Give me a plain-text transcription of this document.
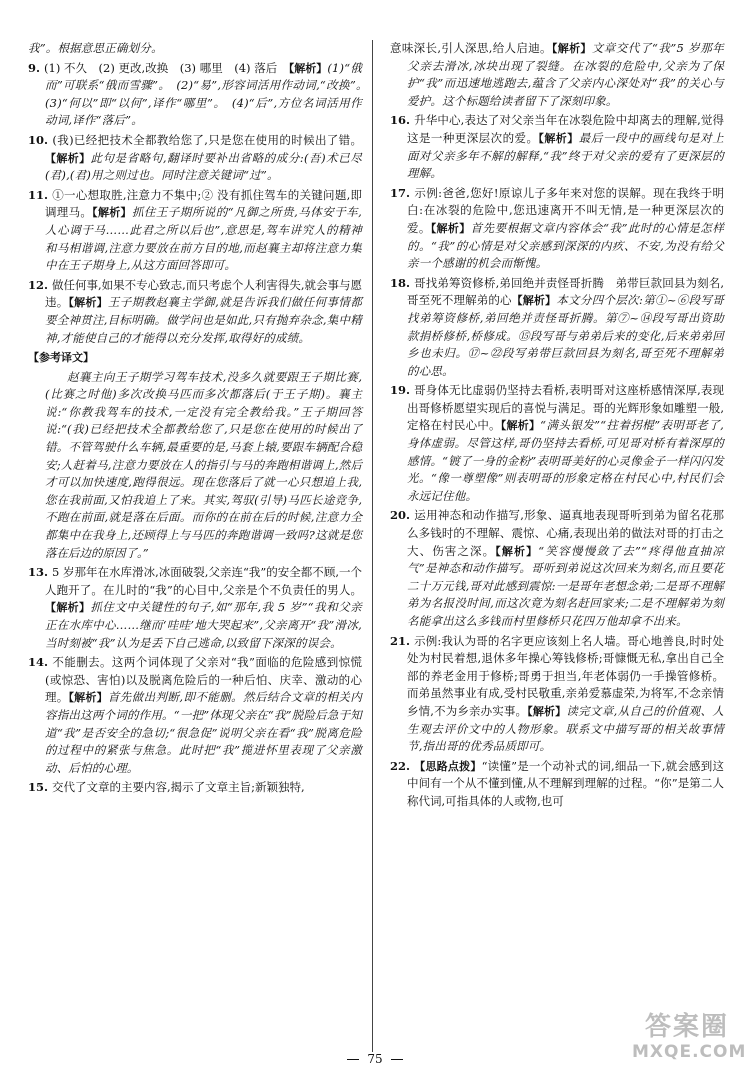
我”。根据意思正确划分。
9. (1) 不久　(2) 更改,改换　(3) 哪里　(4) 落后　【解析】(1)“俄而”可联系“俄而雪骤”。　(2)“易”,形容词活用作动词,“改换”。　(3)“何以”即“以何”,译作“哪里”。　(4)“后”,方位名词活用作动词,译作“落后”。
10. (我)已经把技术全都教给您了,只是您在使用的时候出了错。【解析】此句是省略句,翻译时要补出省略的成分:(吾)术已尽(君),(君)用之则过也。同时注意关键词“过”。
11. ①一心想取胜,注意力不集中;② 没有抓住驾车的关键问题,即调理马。【解析】抓住王子期所说的“凡御之所贵,马体安于车,人心调于马……此君之所以后也”,意思是,驾车讲究人的精神和马相谐调,注意力要放在前方目的地,而赵襄主却将注意力集中在王子期身上,从这方面回答即可。
12. 做任何事,如果不专心致志,而只考虑个人利害得失,就会事与愿违。【解析】王子期教赵襄主学御,就是告诉我们做任何事情都要全神贯注,目标明确。做学问也是如此,只有抛弃杂念,集中精神,才能使自己的才能得以充分发挥,取得好的成绩。
【参考译文】
赵襄主向王子期学习驾车技术,没多久就要跟王子期比赛,(比赛之时他)多次改换马匹而多次都落后(于王子期)。襄主说:“你教我驾车的技术,一定没有完全教给我。”王子期回答说:“(我)已经把技术全都教给您了,只是您在使用的时候出了错。不管驾驶什么车辆,最重要的是,马套上辕,要跟车辆配合稳安;人赶着马,注意力要放在人的指引与马的奔跑相谐调上,然后才可以加快速度,跑得很远。现在您落后了就一心只想追上我,您在我前面,又怕我追上了来。其实,驾驭(引导)马匹长途竞争,不跑在前面,就是落在后面。而你的在前在后的时候,注意力全都集中在我身上,还顾得上与马匹的奔跑谐调一致吗?这就是您落在后边的原因了。”
13. 5 岁那年在水库滑冰,冰面破裂,父亲连“我”的安全都不顾,一个人跑开了。在儿时的“我”的心目中,父亲是个不负责任的男人。【解析】抓住文中关键性的句子,如“那年,我 5 岁”“我和父亲正在水库中心……继而‘哇哇’地大哭起来”,父亲离开“我”滑冰,当时刻被“我”认为是丢下自己逃命,以致留下深深的误会。
14. 不能删去。这两个词体现了父亲对“我”面临的危险感到惊慌(或惊恐、害怕)以及脱离危险后的一种后怕、庆幸、激动的心理。【解析】首先做出判断,即不能删。然后结合文章的相关内容指出这两个词的作用。“一把”体现父亲在“我”脱险后急于知道“我”是否安全的急切;“很急促”说明父亲在看“我”脱离危险的过程中的紧张与焦急。此时把“我”揽进怀里表现了父亲激动、后怕的心理。
15. 交代了文章的主要内容,揭示了文章主旨;新颖独特,
意味深长,引人深思,给人启迪。【解析】文章交代了“我”5 岁那年父亲去滑冰,冰块出现了裂缝。在冰裂的危险中,父亲为了保护“我”而迅速地逃跑去,蕴含了父亲内心深处对“我”的关心与爱护。这个标题给读者留下了深刻印象。
16. 升华中心,表达了对父亲当年在冰裂危险中却离去的理解,觉得这是一种更深层次的爱。【解析】最后一段中的画线句是对上面对父亲多年不解的解释,“我”终于对父亲的爱有了更深层的理解。
17. 示例:爸爸,您好!原谅儿子多年来对您的误解。现在我终于明白:在冰裂的危险中,您迅速离开不叫无情,是一种更深层次的爱。【解析】首先要根据文章内容体会“我”此时的心情是怎样的。“我”的心情是对父亲感到深深的内疚、不安,为没有给父亲一个感谢的机会而惭愧。
18. 哥找弟筹资修桥,弟回绝并责怪哥折腾　弟带巨款回县为刻名,哥至死不理解弟的心【解析】本文分四个层次:第①~⑥段写哥找弟筹资修桥,弟回绝并责怪哥折腾。第⑦~⑭段写哥出资助款捐桥修桥,桥修成。⑮段写哥与弟弟后来的变化,后来弟弟回乡也未归。⑰~㉒段写弟带巨款回县为刻名,哥至死不理解弟的心思。
19. 哥身体无比虚弱仍坚持去看桥,表明哥对这座桥感情深厚,表现出哥修桥愿望实现后的喜悦与满足。哥的光辉形象如雕塑一般,定格在村民心中。【解析】“满头银发”“拄着拐棍”表明哥老了,身体虚弱。尽管这样,哥仍坚持去看桥,可见哥对桥有着深厚的感情。“镀了一身的金粉”表明哥美好的心灵像金子一样闪闪发光。“像一尊塑像”则表明哥的形象定格在村民心中,村民们会永远记住他。
20. 运用神态和动作描写,形象、逼真地表现哥听到弟为留名花那么多钱时的不理解、震惊、心痛,表现出弟的做法对哥的打击之大、伤害之深。【解析】“笑容慢慢敛了去”“疼得他直抽凉气”是神态和动作描写。哥听到弟说这次回来为刻名,而且要花二十万元钱,哥对此感到震惊:一是哥年老想念弟;二是哥不理解弟为名报没时间,而这次竟为刻名赶回家来;二是不理解弟为刻名能拿出这么多钱而村里修桥只花四万他却拿不出来。
21. 示例:我认为哥的名字更应该刻上名人墙。哥心地善良,时时处处为村民着想,退休多年操心筹钱修桥;哥慷慨无私,拿出自己全部的养老金用于修桥;哥勇于担当,年老体弱仍一手操管修桥。而弟虽然事业有成,受村民敬重,亲弟爱慕虚荣,为将军,不念亲情乡情,不为乡亲办实事。【解析】读完文章,从自己的价值观、人生观去评价文中的人物形象。联系文中描写哥的相关故事情节,指出哥的优秀品质即可。
22. 【思路点拨】“读懂”是一个动补式的词,细品一下,就会感到这中间有一个从不懂到懂,从不理解到理解的过程。“你”是第二人称代词,可指具体的人或物,也可
75
答案圈
MXQE.COM
